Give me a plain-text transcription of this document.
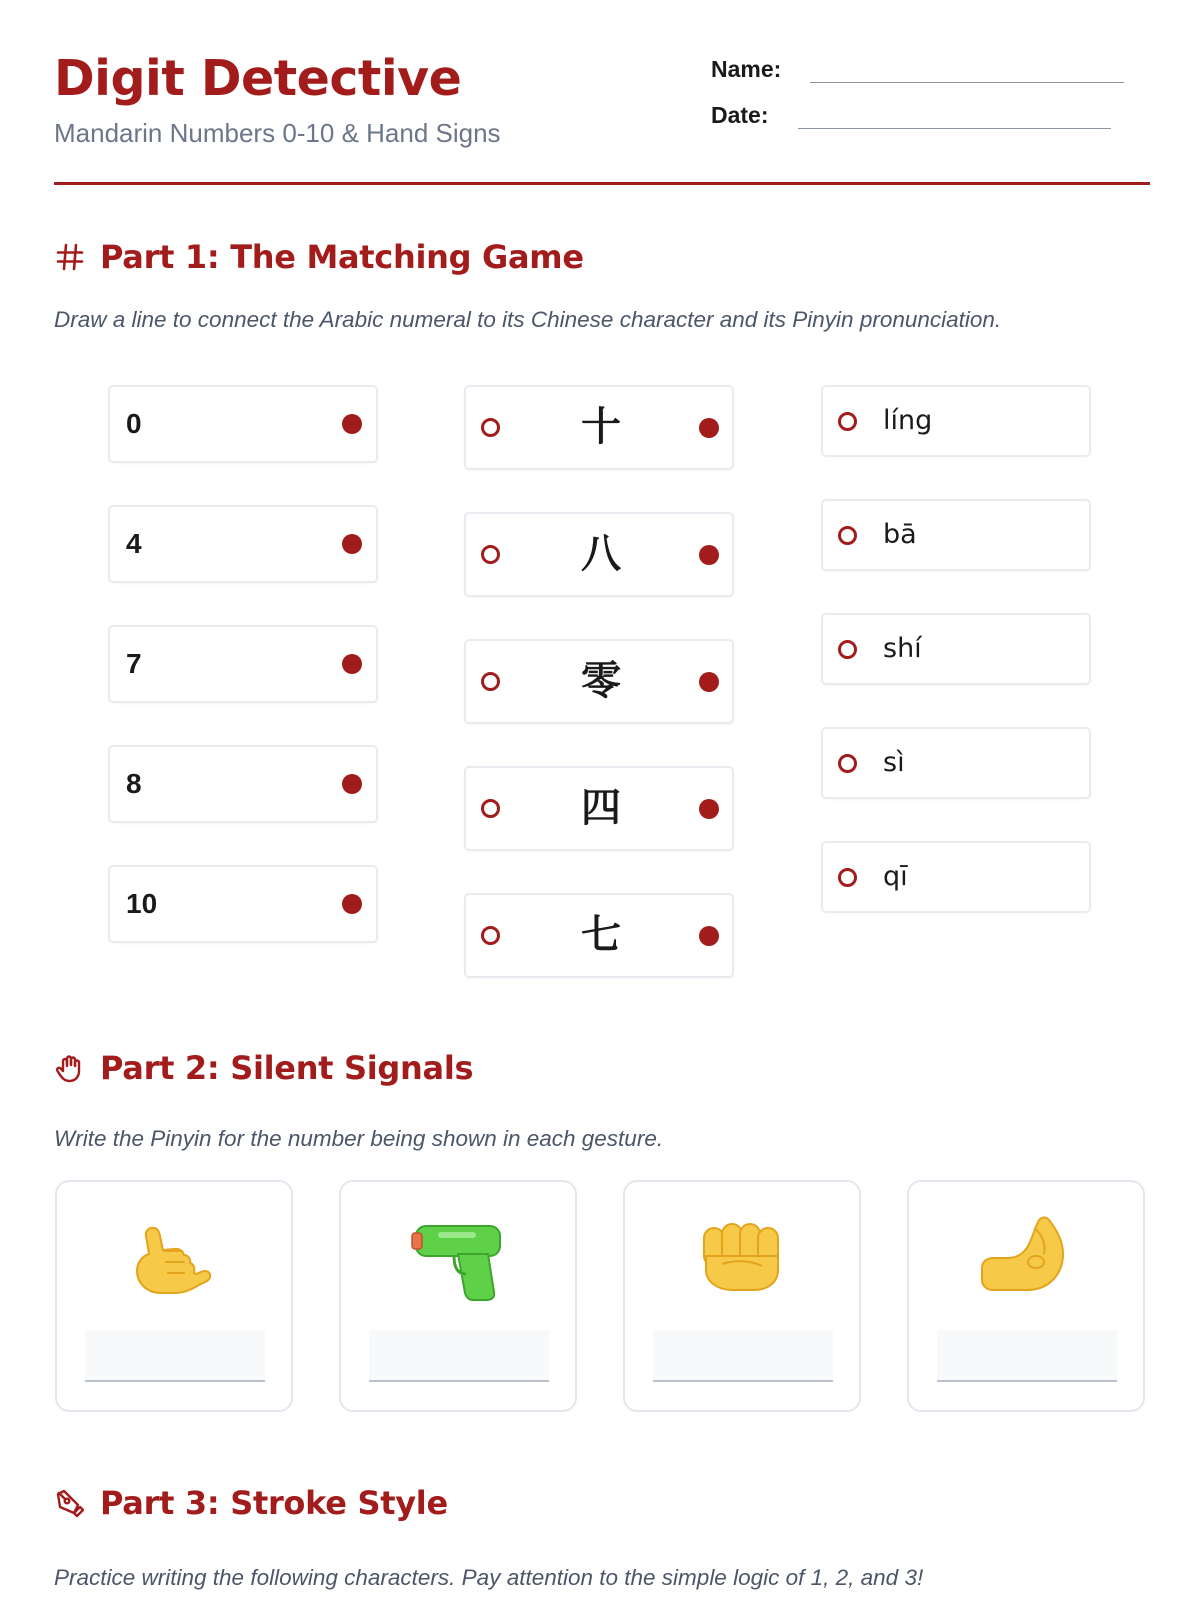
Digit Detective
Mandarin Numbers 0-10 & Hand Signs
Name:
Date:
Part 1: The Matching Game
Draw a line to connect the Arabic numeral to its Chinese character and its Pinyin pronunciation.
0
4
7
8
10
十
八
零
四
七
líng
bā
shí
sì
qī
Part 2: Silent Signals
Write the Pinyin for the number being shown in each gesture.
Part 3: Stroke Style
Practice writing the following characters. Pay attention to the simple logic of 1, 2, and 3!
